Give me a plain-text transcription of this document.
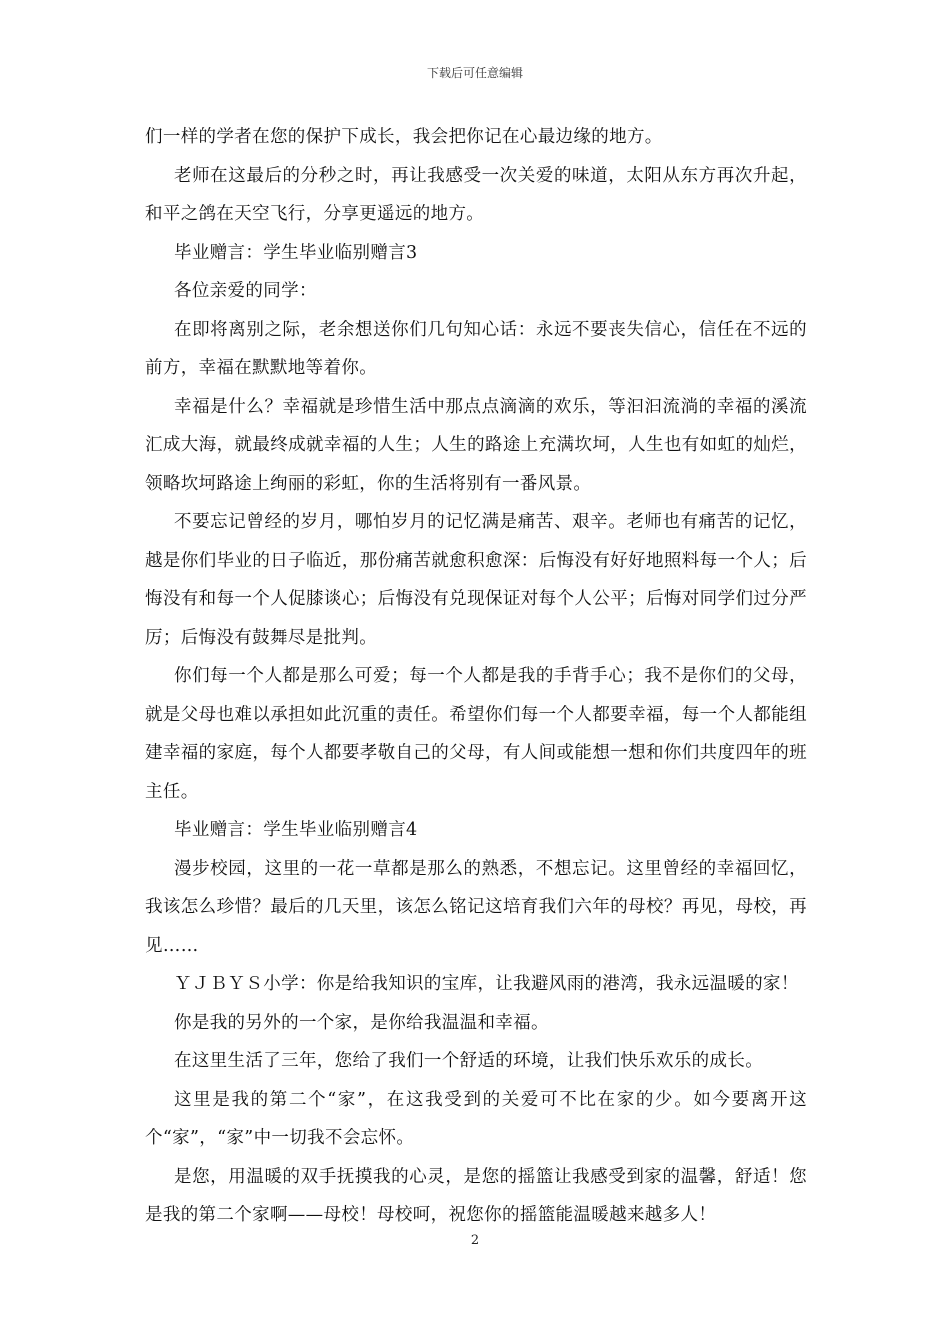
下载后可任意编辑

们一样的学者在您的保护下成长，我会把你记在心最边缘的地方。

老师在这最后的分秒之时，再让我感受一次关爱的味道，太阳从东方再次升起，和平之鸽在天空飞行，分享更遥远的地方。

毕业赠言：学生毕业临别赠言3

各位亲爱的同学：

在即将离别之际，老余想送你们几句知心话：永远不要丧失信心，信任在不远的前方，幸福在默默地等着你。

幸福是什么？幸福就是珍惜生活中那点点滴滴的欢乐，等汩汩流淌的幸福的溪流汇成大海，就最终成就幸福的人生；人生的路途上充满坎坷，人生也有如虹的灿烂，领略坎坷路途上绚丽的彩虹，你的生活将别有一番风景。

不要忘记曾经的岁月，哪怕岁月的记忆满是痛苦、艰辛。老师也有痛苦的记忆，越是你们毕业的日子临近，那份痛苦就愈积愈深：后悔没有好好地照料每一个人；后悔没有和每一个人促膝谈心；后悔没有兑现保证对每个人公平；后悔对同学们过分严厉；后悔没有鼓舞尽是批判。

你们每一个人都是那么可爱；每一个人都是我的手背手心；我不是你们的父母，就是父母也难以承担如此沉重的责任。希望你们每一个人都要幸福，每一个人都能组建幸福的家庭，每个人都要孝敬自己的父母，有人间或能想一想和你们共度四年的班主任。

毕业赠言：学生毕业临别赠言4

漫步校园，这里的一花一草都是那么的熟悉，不想忘记。这里曾经的幸福回忆，我该怎么珍惜？最后的几天里，该怎么铭记这培育我们六年的母校？再见，母校，再见……

ＹＪＢＹＳ小学：你是给我知识的宝库，让我避风雨的港湾，我永远温暖的家！

你是我的另外的一个家，是你给我温温和幸福。

在这里生活了三年，您给了我们一个舒适的环境，让我们快乐欢乐的成长。

这里是我的第二个“家”，在这我受到的关爱可不比在家的少。如今要离开这个“家”，“家”中一切我不会忘怀。

是您，用温暖的双手抚摸我的心灵，是您的摇篮让我感受到家的温馨，舒适！您是我的第二个家啊——母校！母校呵，祝您你的摇篮能温暖越来越多人！

2
